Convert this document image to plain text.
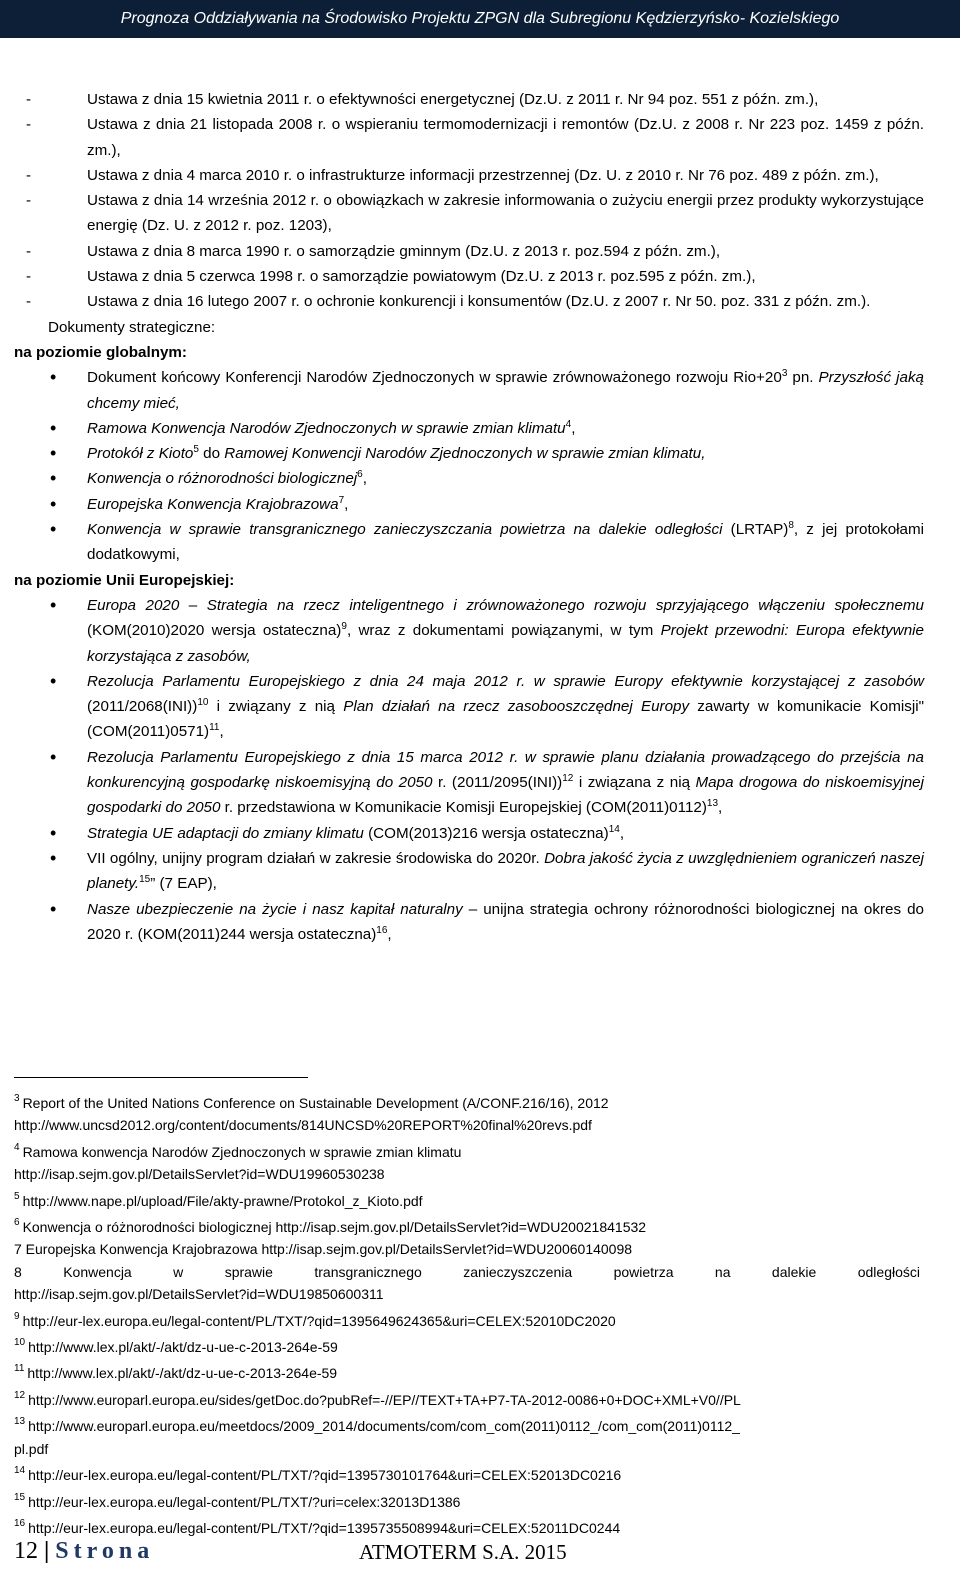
Prognoza Oddziaływania na Środowisko Projektu ZPGN dla Subregionu Kędzierzyńsko- Kozielskiego
-	Ustawa z dnia 15 kwietnia 2011 r. o efektywności energetycznej (Dz.U. z 2011 r. Nr 94 poz. 551 z późn. zm.),
-	Ustawa z dnia 21 listopada 2008 r. o wspieraniu termomodernizacji i remontów (Dz.U. z 2008 r. Nr 223 poz. 1459 z późn. zm.),
-	Ustawa z dnia 4 marca 2010 r. o infrastrukturze informacji przestrzennej (Dz. U. z 2010 r. Nr 76 poz. 489 z późn. zm.),
-	Ustawa z dnia 14 września 2012 r. o obowiązkach w zakresie informowania o zużyciu energii przez produkty wykorzystujące energię (Dz. U. z 2012 r. poz. 1203),
-	Ustawa z dnia 8 marca 1990 r. o samorządzie gminnym (Dz.U. z 2013 r. poz.594 z późn. zm.),
-	Ustawa z dnia 5 czerwca 1998 r. o samorządzie powiatowym (Dz.U. z 2013 r. poz.595 z późn. zm.),
-	Ustawa z dnia 16 lutego 2007 r. o ochronie konkurencji i konsumentów (Dz.U. z 2007 r. Nr 50. poz. 331 z późn. zm.).
Dokumenty strategiczne:
na poziomie globalnym:
• Dokument końcowy Konferencji Narodów Zjednoczonych w sprawie zrównoważonego rozwoju $Rio+20^3$ pn. Przyszłość jaką chcemy mieć,
• Ramowa Konwencja Narodów Zjednoczonych w sprawie zmian klimatu$^4$,
• Protokół z Kioto$^5$ do Ramowej Konwencji Narodów Zjednoczonych w sprawie zmian klimatu,
• Konwencja o różnorodności biologicznej$^6$,
• Europejska Konwencja Krajobrazowa$^7$,
• Konwencja w sprawie transgranicznego zanieczyszczania powietrza na dalekie odległości (LRTAP)$^8$, z jej protokołami dodatkowymi,
na poziomie Unii Europejskiej:
• Europa 2020 – Strategia na rzecz inteligentnego i zrównoważonego rozwoju sprzyjającego włączeniu społecznemu (KOM(2010)2020 wersja ostateczna)$^9$, wraz z dokumentami powiązanymi, w tym Projekt przewodni: Europa efektywnie korzystająca z zasobów,
• Rezolucja Parlamentu Europejskiego z dnia 24 maja 2012 r. w sprawie Europy efektywnie korzystającej z zasobów $(2011/2068(INI))^{10}$ i związany z nią Plan działań na rzecz zasobooszczędnej Europy zawarty w komunikacie Komisji" $(COM(2011)0571)^{11}$,
• Rezolucja Parlamentu Europejskiego z dnia 15 marca 2012 r. w sprawie planu działania prowadzącego do przejścia na konkurencyjną gospodarkę niskoemisyjną do 2050 r. $(2011/2095(INI))^{12}$ i związana z nią Mapa drogowa do niskoemisyjnej gospodarki do 2050 r. przedstawiona w Komunikacie Komisji Europejskiej $(COM(2011)0112)^{13}$,
• Strategia UE adaptacji do zmiany klimatu (COM(2013)216 wersja ostateczna)$^{14}$,
• VII ogólny, unijny program działań w zakresie środowiska do 2020r. Dobra jakość życia z uwzględnieniem ograniczeń naszej planety.$^{15}$” (7 EAP),
• Nasze ubezpieczenie na życie i nasz kapitał naturalny – unijna strategia ochrony różnorodności biologicznej na okres do 2020 r. (KOM(2011)244 wersja ostateczna)$^{16}$,
$^3$ Report of the United Nations Conference on Sustainable Development (A/CONF.216/16), 2012
http://www.uncsd2012.org/content/documents/814UNCSD%20REPORT%20final%20revs.pdf
$^4$ Ramowa konwencja Narodów Zjednoczonych w sprawie zmian klimatu
http://isap.sejm.gov.pl/DetailsServlet?id=WDU19960530238
$^5$ http://www.nape.pl/upload/File/akty-prawne/Protokol_z_Kioto.pdf
$^6$ Konwencja o różnorodności biologicznej http://isap.sejm.gov.pl/DetailsServlet?id=WDU20021841532
7 Europejska Konwencja Krajobrazowa http://isap.sejm.gov.pl/DetailsServlet?id=WDU20060140098
8 Konwencja w sprawie transgranicznego zanieczyszczenia powietrza na dalekie odległości
http://isap.sejm.gov.pl/DetailsServlet?id=WDU19850600311
$^9$ http://eur-lex.europa.eu/legal-content/PL/TXT/?qid=1395649624365&uri=CELEX:52010DC2020
$^{10}$ http://www.lex.pl/akt/-/akt/dz-u-ue-c-2013-264e-59
$^{11}$ http://www.lex.pl/akt/-/akt/dz-u-ue-c-2013-264e-59
$^{12}$ http://www.europarl.europa.eu/sides/getDoc.do?pubRef=-//EP//TEXT+TA+P7-TA-2012-0086+0+DOC+XML+V0//PL
$^{13}$ http://www.europarl.europa.eu/meetdocs/2009_2014/documents/com/com_com(2011)0112_/com_com(2011)0112_
pl.pdf
$^{14}$ http://eur-lex.europa.eu/legal-content/PL/TXT/?qid=1395730101764&uri=CELEX:52013DC0216
$^{15}$ http://eur-lex.europa.eu/legal-content/PL/TXT/?uri=celex:32013D1386
$^{16}$ http://eur-lex.europa.eu/legal-content/PL/TXT/?qid=1395735508994&uri=CELEX:52011DC0244
12 | Strona	ATMOTERM S.A. 2015
